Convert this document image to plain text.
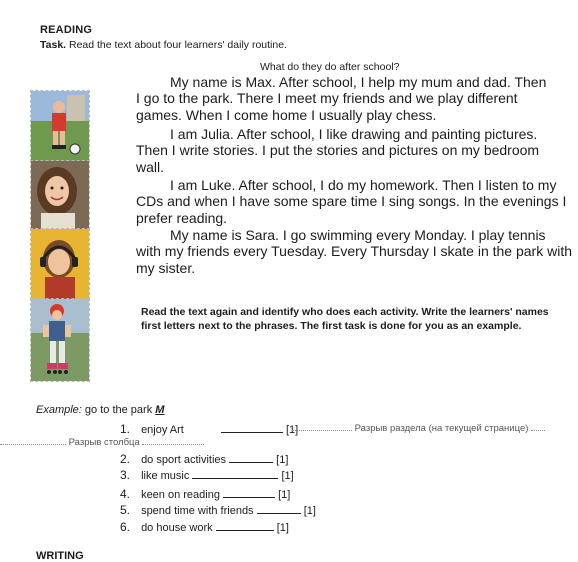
READING
Task. Read the text about four learners' daily routine.
What do they do after school?
My name is Max. After school, I help my mum and dad. Then
I go to the park. There I meet my friends and we play different
games. When I come home I usually play chess.
I am Julia. After school, I like drawing and painting pictures.
Then I write stories. I put the stories and pictures on my bedroom
wall.
I am Luke. After school, I do my homework. Then I listen to my
CDs and when I have some spare time I sing songs. In the evenings I
prefer reading.
My name is Sara. I go swimming every Monday. I play tennis
with my friends every Tuesday. Every Thursday I skate in the park with
my sister.
Read the text again and identify who does each activity. Write the learners' names
first letters next to the phrases. The first task is done for you as an example.
Example: go to the park M
1. enjoy Art	[1]	Разрыв раздела (на текущей странице)
Разрыв столбца
2. do sport activities	[1]
3. like music	[1]
4. keen on reading	[1]
5. spend time with friends	[1]
6. do house work	[1]
WRITING
